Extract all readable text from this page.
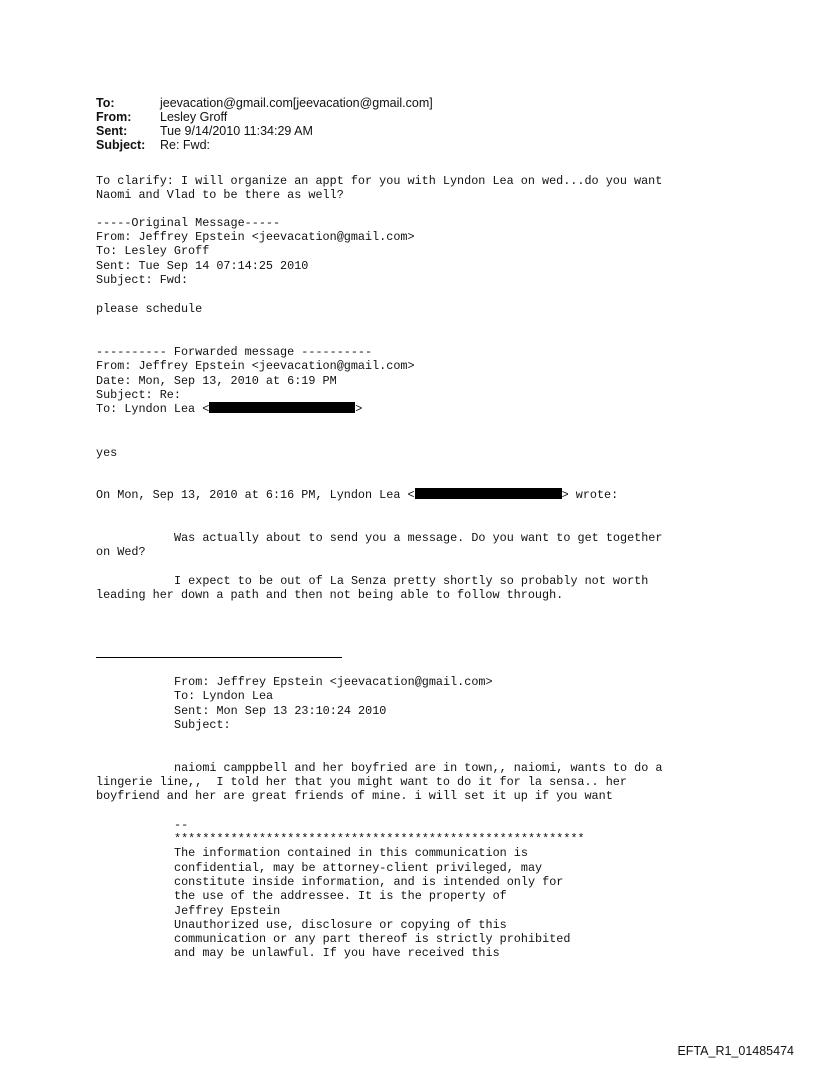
To:	jeevacation@gmail.com[jeevacation@gmail.com]
From:	Lesley Groff
Sent:	Tue 9/14/2010 11:34:29 AM
Subject:	Re: Fwd:
To clarify: I will organize an appt for you with Lyndon Lea on wed...do you want
Naomi and Vlad to be there as well?
-----Original Message-----
From: Jeffrey Epstein <jeevacation@gmail.com>
To: Lesley Groff
Sent: Tue Sep 14 07:14:25 2010
Subject: Fwd:
please schedule
---------- Forwarded message ----------
From: Jeffrey Epstein <jeevacation@gmail.com>
Date: Mon, Sep 13, 2010 at 6:19 PM
Subject: Re:
To: Lyndon Lea <	>
yes
On Mon, Sep 13, 2010 at 6:16 PM, Lyndon Lea <	> wrote:
Was actually about to send you a message. Do you want to get together
on Wed?
I expect to be out of La Senza pretty shortly so probably not worth
leading her down a path and then not being able to follow through.
From: Jeffrey Epstein <jeevacation@gmail.com>
To: Lyndon Lea
Sent: Mon Sep 13 23:10:24 2010
Subject:
naiomi camppbell and her boyfried are in town,, naiomi, wants to do a
lingerie line,,  I told her that you might want to do it for la sensa.. her
boyfriend and her are great friends of mine. i will set it up if you want
--
**********************************************************
The information contained in this communication is
confidential, may be attorney-client privileged, may
constitute inside information, and is intended only for
the use of the addressee. It is the property of
Jeffrey Epstein
Unauthorized use, disclosure or copying of this
communication or any part thereof is strictly prohibited
and may be unlawful. If you have received this
EFTA_R1_01485474
